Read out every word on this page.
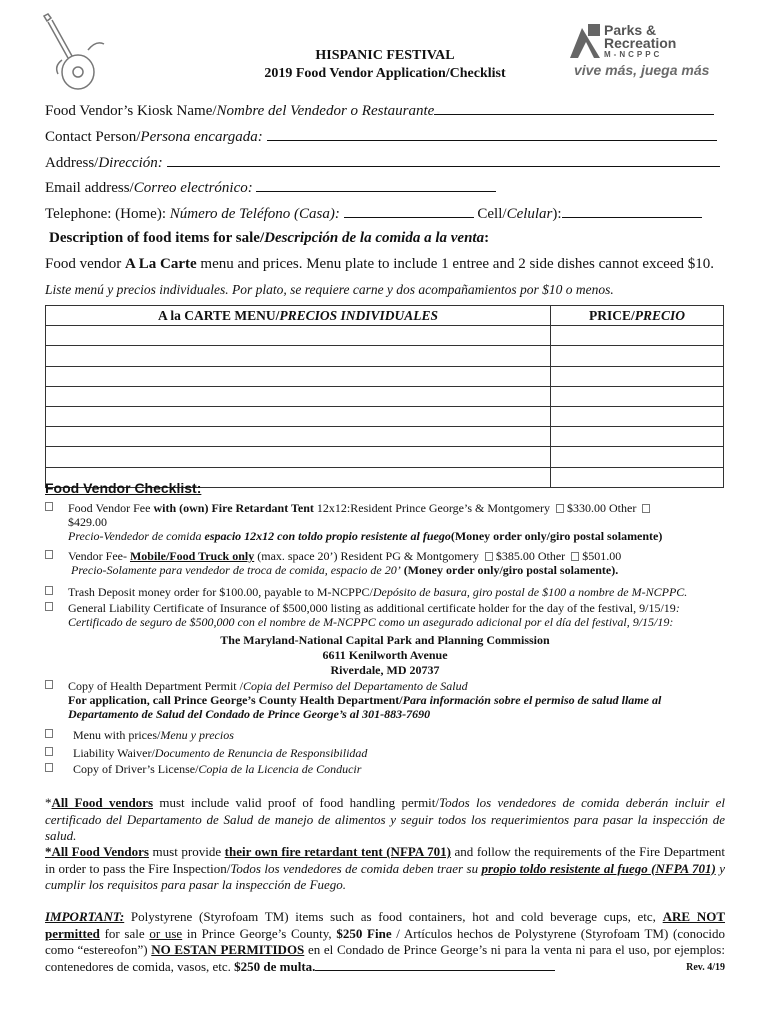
Parks &
Recreation
M-NCPPC
vive más, juega más
HISPANIC FESTIVAL
2019 Food Vendor Application/Checklist
Food Vendor’s Kiosk Name/Nombre del Vendedor o Restaurante
Contact Person/Persona encargada:
Address/Dirección:
Email address/Correo electrónico:
Telephone: (Home): Número de Teléfono (Casa):	Cell/Celular):
Description of food items for sale/Descripción de la comida a la venta:
Food vendor A La Carte menu and prices. Menu plate to include 1 entree and 2 side dishes cannot exceed $10.
Liste menú y precios individuales. Por plato, se requiere carne y dos acompañamientos por $10 o menos.
A la CARTE MENU/PRECIOS INDIVIDUALES	PRICE/PRECIO

Food Vendor Checklist:
Food Vendor Fee with (own) Fire Retardant Tent 12x12:Resident Prince George’s & Montgomery $330.00 Other
$429.00
Precio-Vendedor de comida espacio 12x12 con toldo propio resistente al fuego(Money order only/giro postal solamente)
Vendor Fee- Mobile/Food Truck only (max. space 20’) Resident PG & Montgomery $385.00 Other $501.00
Precio-Solamente para vendedor de troca de comida, espacio de 20’ (Money order only/giro postal solamente).
Trash Deposit money order for $100.00, payable to M-NCPPC/Depósito de basura, giro postal de $100 a nombre de M-NCPPC.
General Liability Certificate of Insurance of $500,000 listing as additional certificate holder for the day of the festival, 9/15/19:
Certificado de seguro de $500,000 con el nombre de M-NCPPC como un asegurado adicional por el día del festival, 9/15/19:
The Maryland-National Capital Park and Planning Commission
6611 Kenilworth Avenue
Riverdale, MD 20737
Copy of Health Department Permit /Copia del Permiso del Departamento de Salud
For application, call Prince George’s County Health Department/Para información sobre el permiso de salud llame al Departamento de Salud del Condado de Prince George’s al 301-883-7690
Menu with prices/Menu y precios
Liability Waiver/Documento de Renuncia de Responsibilidad
Copy of Driver’s License/Copia de la Licencia de Conducir
*All Food vendors must include valid proof of food handling permit/Todos los vendedores de comida deberán incluir el certificado del Departamento de Salud de manejo de alimentos y seguir todos los requerimientos para pasar la inspección de salud.
*All Food Vendors must provide their own fire retardant tent (NFPA 701) and follow the requirements of the Fire Department in order to pass the Fire Inspection/Todos los vendedores de comida deben traer su propio toldo resistente al fuego (NFPA 701) y cumplir los requisitos para pasar la inspección de Fuego.
IMPORTANT: Polystyrene (Styrofoam TM) items such as food containers, hot and cold beverage cups, etc, ARE NOT permitted for sale or use in Prince George’s County, $250 Fine / Artículos hechos de Polystyrene (Styrofoam TM) (conocido como “estereofon”) NO ESTAN PERMITIDOS en el Condado de Prince George’s ni para la venta ni para el uso, por ejemplos: contenedores de comida, vasos, etc. $250 de multa.	Rev. 4/19
